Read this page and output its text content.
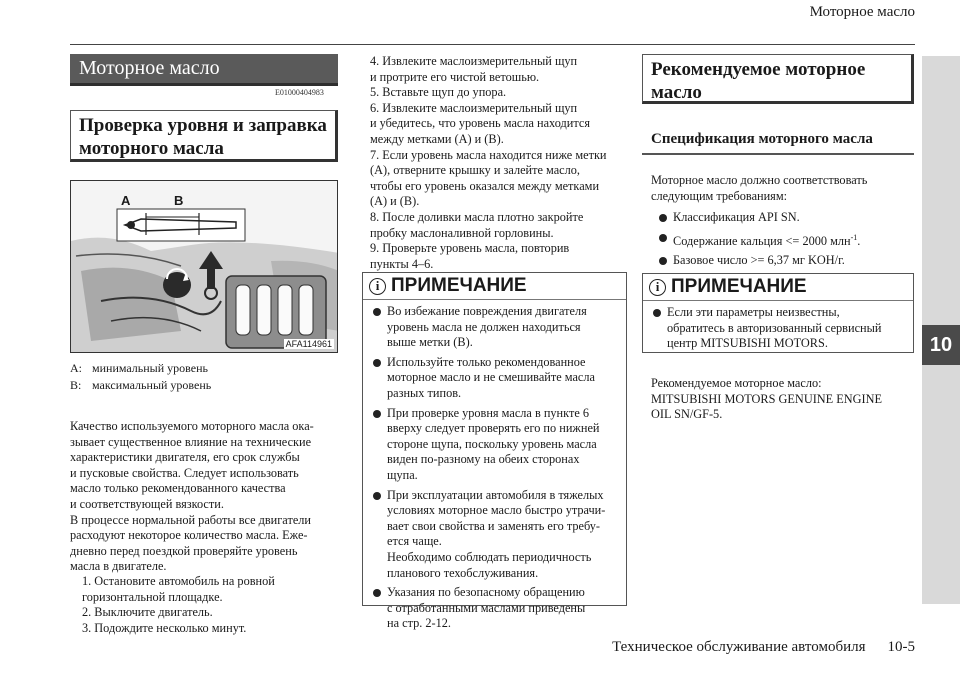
Моторное масло
Техническое обслуживание автомобиля 10-5
10
Моторное масло
E01000404983
Проверка уровня и заправка моторного масла
A	B
AFA114961
A: минимальный уровень
B: максимальный уровень
Качество используемого моторного масла ока-
зывает существенное влияние на технические
характеристики двигателя, его срок службы
и пусковые свойства. Следует использовать
масло только рекомендованного качества
и соответствующей вязкости.
В процессе нормальной работы все двигатели
расходуют некоторое количество масла. Еже-
дневно перед поездкой проверяйте уровень
масла в двигателе.
1. Остановите автомобиль на ровной
горизонтальной площадке.
2. Выключите двигатель.
3. Подождите несколько минут.
4. Извлеките маслоизмерительный щуп
и протрите его чистой ветошью.
5. Вставьте щуп до упора.
6. Извлеките маслоизмерительный щуп
и убедитесь, что уровень масла находится
между метками (A) и (B).
7. Если уровень масла находится ниже метки
(A), отверните крышку и залейте масло,
чтобы его уровень оказался между метками
(A) и (B).
8. После доливки масла плотно закройте
пробку маслоналивной горловины.
9. Проверьте уровень масла, повторив
пункты 4–6.
i ПРИМЕЧАНИЕ
Во избежание повреждения двигателя
уровень масла не должен находиться
выше метки (B).
Используйте только рекомендованное
моторное масло и не смешивайте масла
разных типов.
При проверке уровня масла в пункте 6
вверху следует проверять его по нижней
стороне щупа, поскольку уровень масла
виден по-разному на обеих сторонах
щупа.
При эксплуатации автомобиля в тяжелых
условиях моторное масло быстро утрачи-
вает свои свойства и заменять его требу-
ется чаще.
Необходимо соблюдать периодичность
планового техобслуживания.
Указания по безопасному обращению
с отработанными маслами приведены
на стр. 2-12.
Рекомендуемое моторное масло
Спецификация моторного масла
Моторное масло должно соответствовать
следующим требованиям:
Классификация API SN.
Содержание кальция <= 2000 млн$^{-1}$.
Базовое число >= 6,37 мг KOH/г.
i ПРИМЕЧАНИЕ
Если эти параметры неизвестны,
обратитесь в авторизованный сервисный
центр MITSUBISHI MOTORS.
Рекомендуемое моторное масло:
MITSUBISHI MOTORS GENUINE ENGINE
OIL SN/GF-5.
